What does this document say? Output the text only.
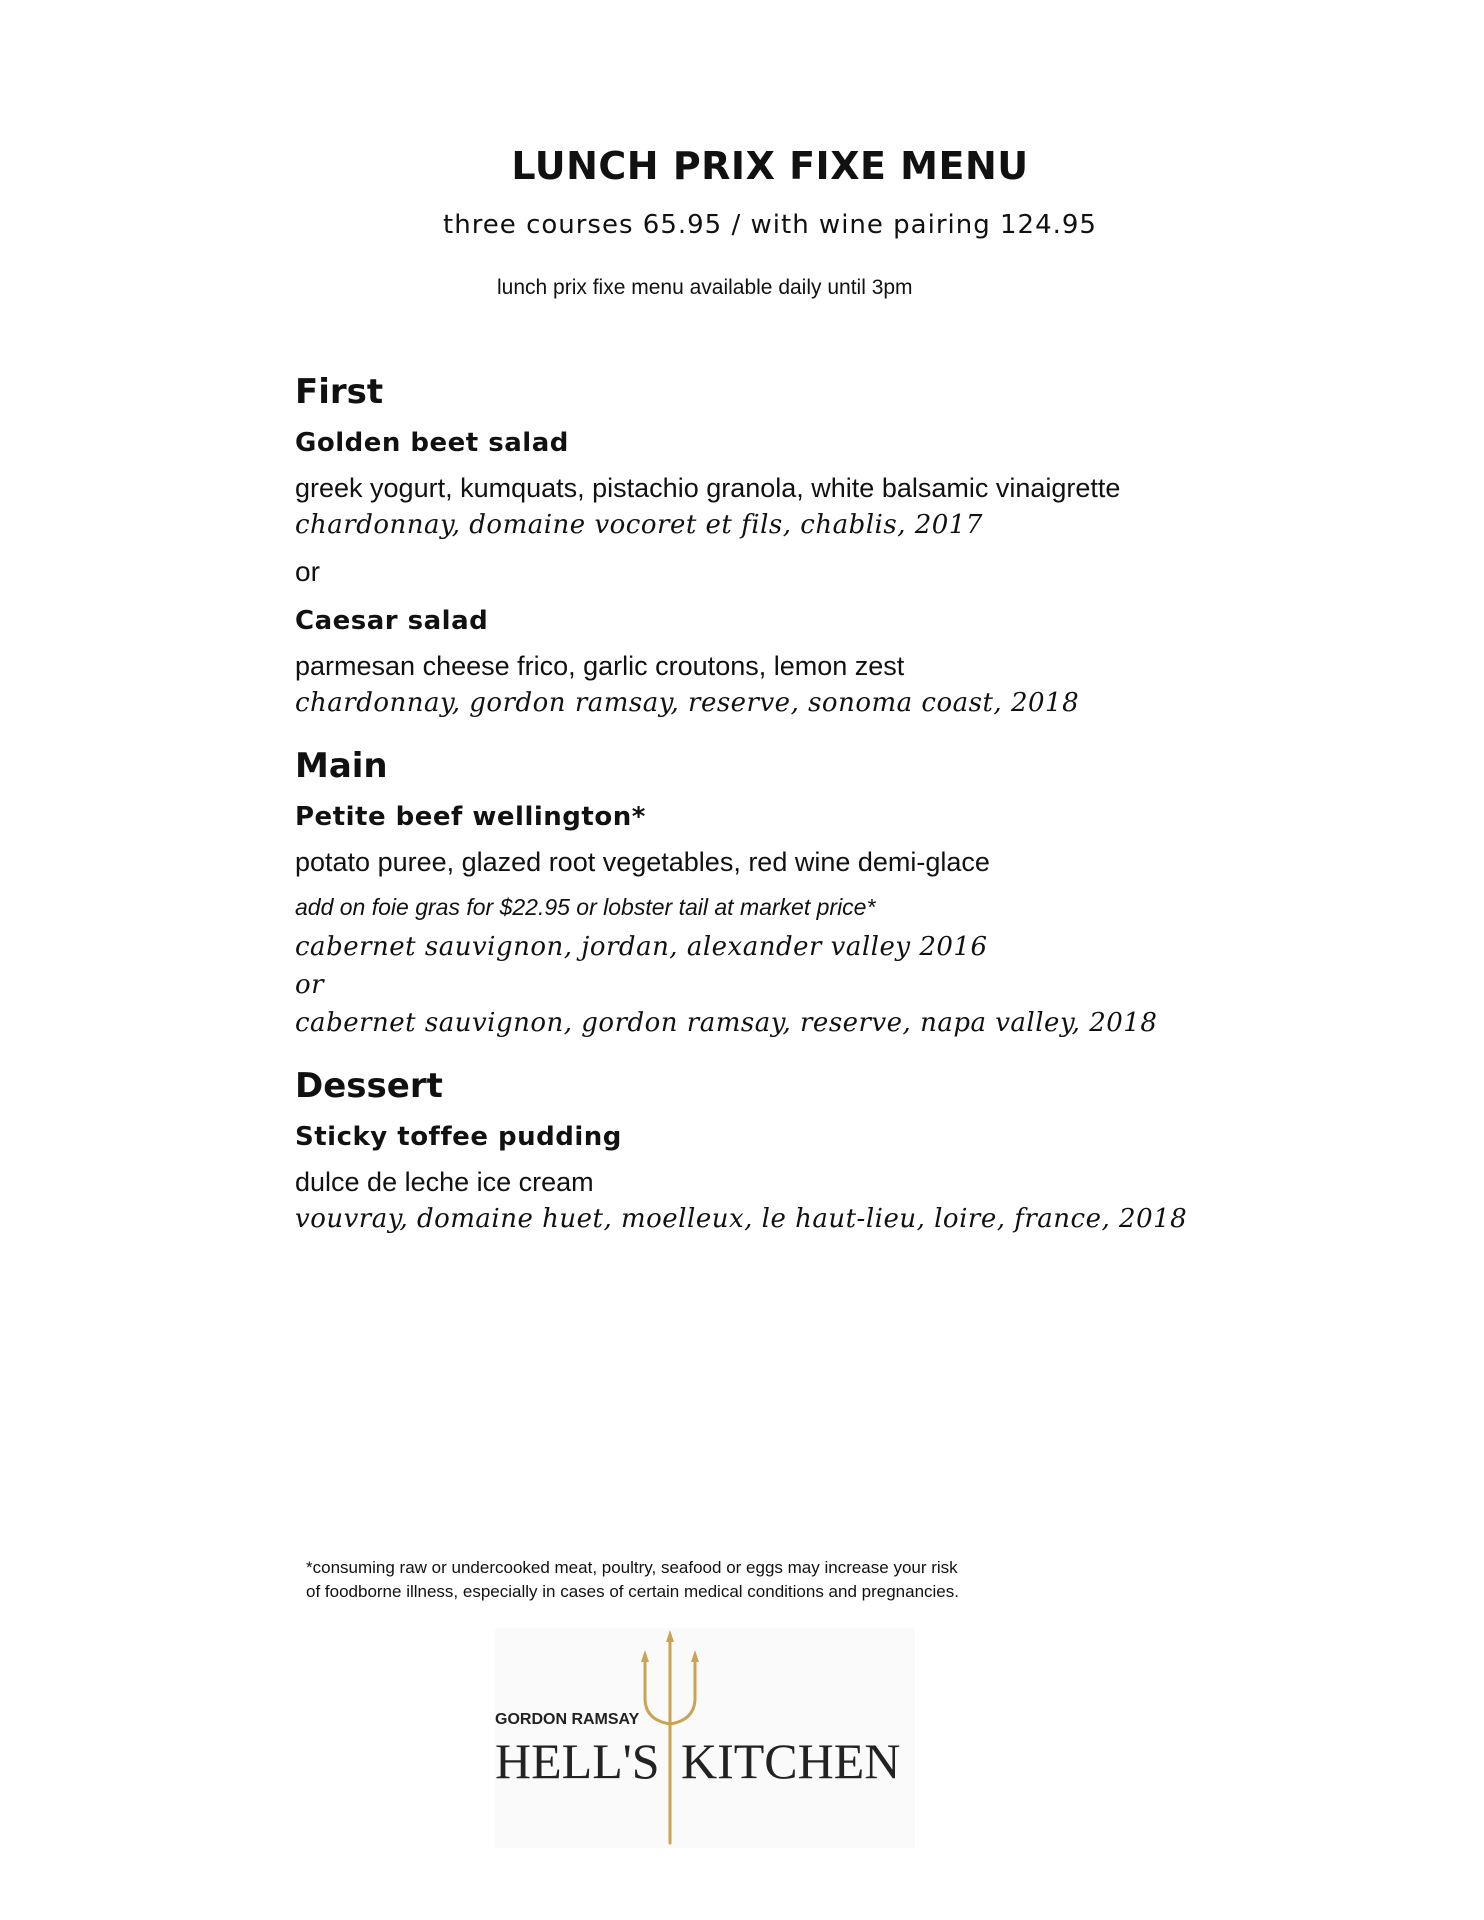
LUNCH PRIX FIXE MENU
three courses 65.95 / with wine pairing 124.95
lunch prix fixe menu available daily until 3pm
First
Golden beet salad
greek yogurt, kumquats, pistachio granola, white balsamic vinaigrette
chardonnay, domaine vocoret et fils, chablis, 2017
or
Caesar salad
parmesan cheese frico, garlic croutons, lemon zest
chardonnay, gordon ramsay, reserve, sonoma coast, 2018
Main
Petite beef wellington*
potato puree, glazed root vegetables, red wine demi-glace
add on foie gras for $22.95 or lobster tail at market price*
cabernet sauvignon, jordan, alexander valley 2016
or
cabernet sauvignon, gordon ramsay, reserve, napa valley, 2018
Dessert
Sticky toffee pudding
dulce de leche ice cream
vouvray, domaine huet, moelleux, le haut-lieu, loire, france, 2018
*consuming raw or undercooked meat, poultry, seafood or eggs may increase your risk
of foodborne illness, especially in cases of certain medical conditions and pregnancies.
GORDON RAMSAY
HELL'S KITCHEN
